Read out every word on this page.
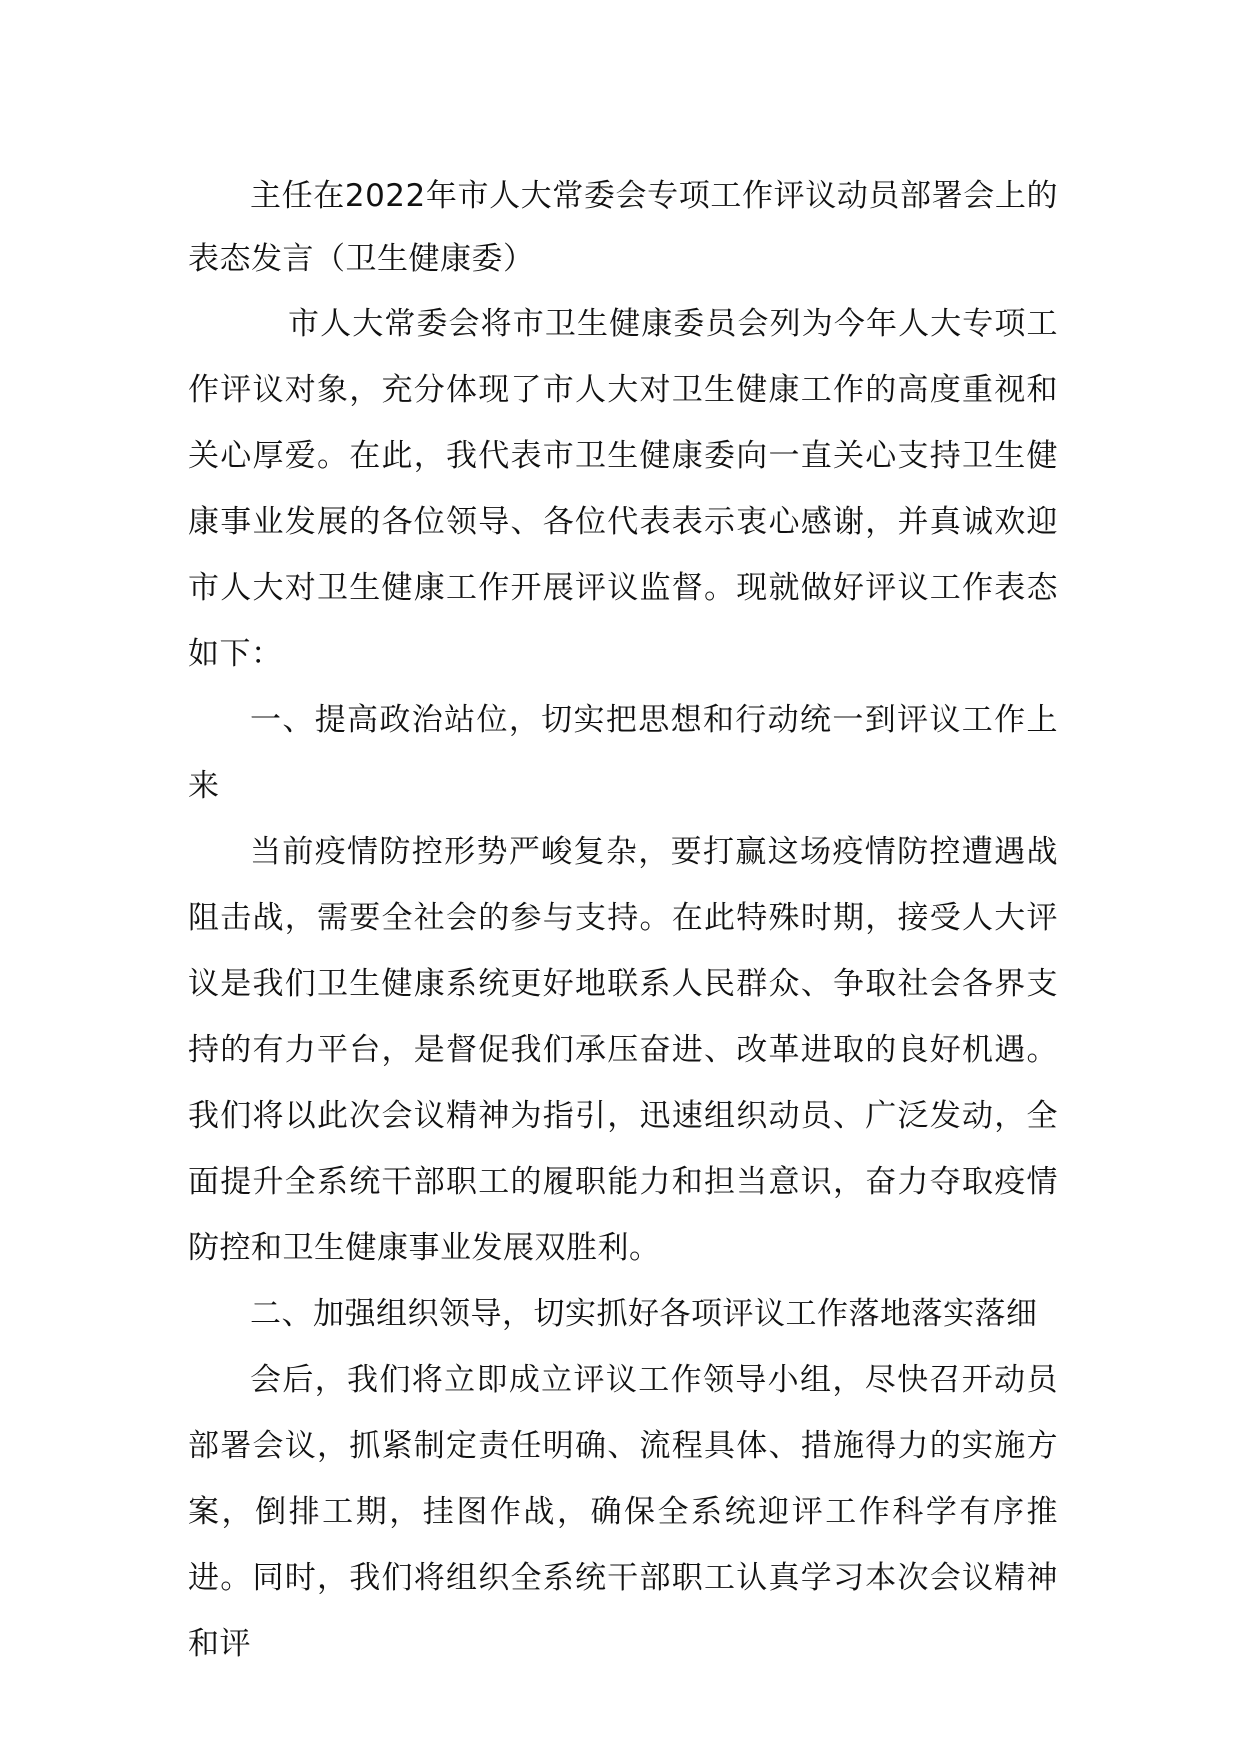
主任在2022年市人大常委会专项工作评议动员部署会上的表态发言（卫生健康委）

市人大常委会将市卫生健康委员会列为今年人大专项工作评议对象，充分体现了市人大对卫生健康工作的高度重视和关心厚爱。在此，我代表市卫生健康委向一直关心支持卫生健康事业发展的各位领导、各位代表表示衷心感谢，并真诚欢迎市人大对卫生健康工作开展评议监督。现就做好评议工作表态如下：

一、提高政治站位，切实把思想和行动统一到评议工作上来

当前疫情防控形势严峻复杂，要打赢这场疫情防控遭遇战阻击战，需要全社会的参与支持。在此特殊时期，接受人大评议是我们卫生健康系统更好地联系人民群众、争取社会各界支持的有力平台，是督促我们承压奋进、改革进取的良好机遇。我们将以此次会议精神为指引，迅速组织动员、广泛发动，全面提升全系统干部职工的履职能力和担当意识，奋力夺取疫情防控和卫生健康事业发展双胜利。

二、加强组织领导，切实抓好各项评议工作落地落实落细

会后，我们将立即成立评议工作领导小组，尽快召开动员部署会议，抓紧制定责任明确、流程具体、措施得力的实施方案，倒排工期，挂图作战，确保全系统迎评工作科学有序推进。同时，我们将组织全系统干部职工认真学习本次会议精神和评
